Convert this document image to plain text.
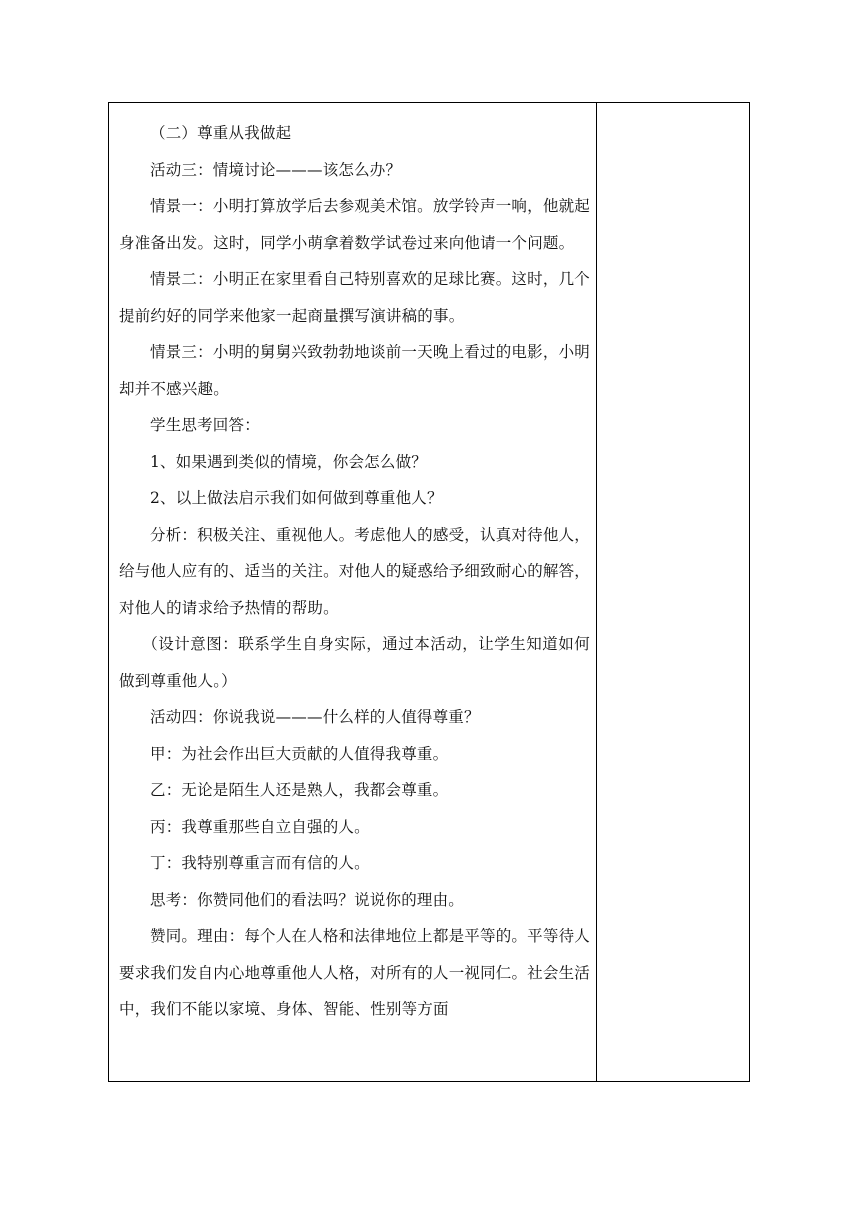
（二）尊重从我做起

活动三：情境讨论———该怎么办？

情景一：小明打算放学后去参观美术馆。放学铃声一响，他就起身准备出发。这时，同学小萌拿着数学试卷过来向他请一个问题。

情景二：小明正在家里看自己特别喜欢的足球比赛。这时，几个提前约好的同学来他家一起商量撰写演讲稿的事。

情景三：小明的舅舅兴致勃勃地谈前一天晚上看过的电影，小明却并不感兴趣。

学生思考回答：

1、如果遇到类似的情境，你会怎么做？

2、以上做法启示我们如何做到尊重他人？

分析：积极关注、重视他人。考虑他人的感受，认真对待他人，给与他人应有的、适当的关注。对他人的疑惑给予细致耐心的解答，对他人的请求给予热情的帮助。

（设计意图：联系学生自身实际，通过本活动，让学生知道如何做到尊重他人。）

活动四：你说我说———什么样的人值得尊重？

甲：为社会作出巨大贡献的人值得我尊重。

乙：无论是陌生人还是熟人，我都会尊重。

丙：我尊重那些自立自强的人。

丁：我特别尊重言而有信的人。

思考：你赞同他们的看法吗？说说你的理由。

赞同。理由：每个人在人格和法律地位上都是平等的。平等待人要求我们发自内心地尊重他人人格，对所有的人一视同仁。社会生活中，我们不能以家境、身体、智能、性别等方面
